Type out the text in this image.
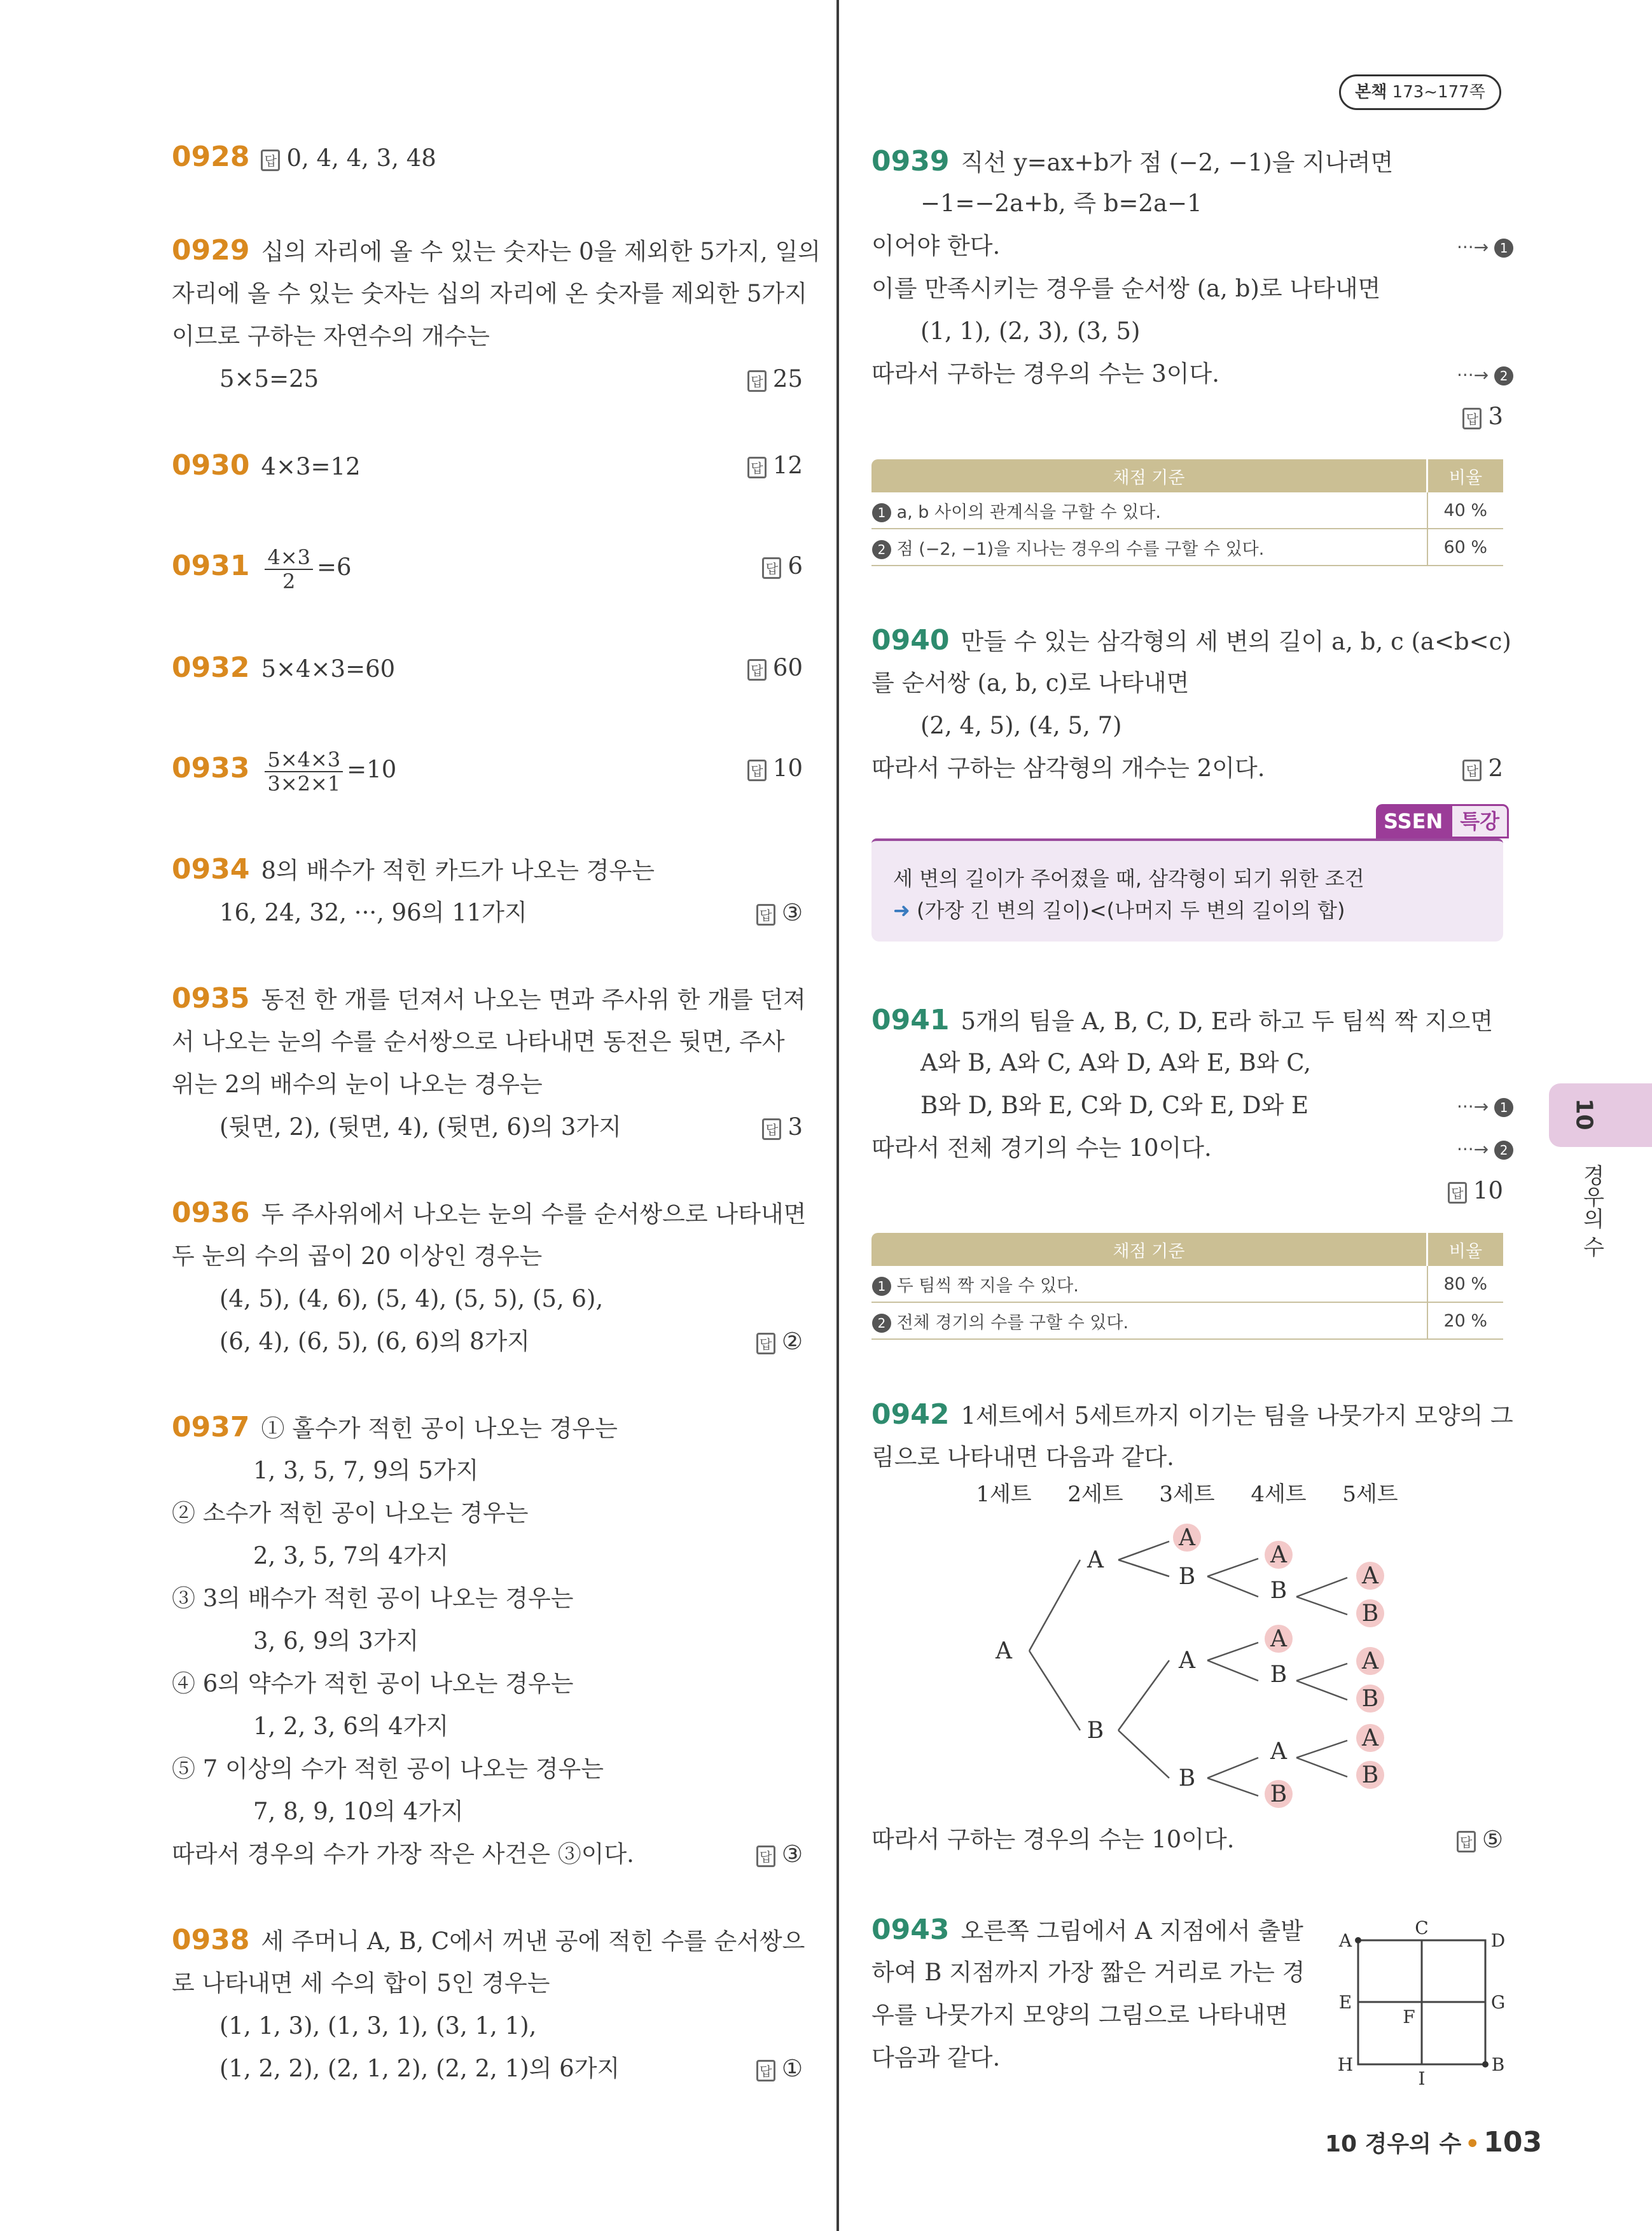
본책 173~177쪽
0928 답 0, 4, 4, 3, 48
0929 십의 자리에 올 수 있는 숫자는 0을 제외한 5가지, 일의
자리에 올 수 있는 숫자는 십의 자리에 온 숫자를 제외한 5가지
이므로 구하는 자연수의 개수는
5×5=25	답 25
0930 4×3=12	답 12
$0931 \frac{4\times 3}{2} =6$	답 6
0932 5×4×3=60	답 60
$0933 \frac{5\times 4\times 3}{3\times 2\times 1} =10$	답 10
0934 8의 배수가 적힌 카드가 나오는 경우는
16, 24, 32, ···, 96의 11가지	답 ③
0935 동전 한 개를 던져서 나오는 면과 주사위 한 개를 던져
서 나오는 눈의 수를 순서쌍으로 나타내면 동전은 뒷면, 주사
위는 2의 배수의 눈이 나오는 경우는
(뒷면, 2), (뒷면, 4), (뒷면, 6)의 3가지	답 3
0936 두 주사위에서 나오는 눈의 수를 순서쌍으로 나타내면
두 눈의 수의 곱이 20 이상인 경우는
(4, 5), (4, 6), (5, 4), (5, 5), (5, 6),
(6, 4), (6, 5), (6, 6)의 8가지	답 ②
0937 ① 홀수가 적힌 공이 나오는 경우는
1, 3, 5, 7, 9의 5가지
② 소수가 적힌 공이 나오는 경우는
2, 3, 5, 7의 4가지
③ 3의 배수가 적힌 공이 나오는 경우는
3, 6, 9의 3가지
④ 6의 약수가 적힌 공이 나오는 경우는
1, 2, 3, 6의 4가지
⑤ 7 이상의 수가 적힌 공이 나오는 경우는
7, 8, 9, 10의 4가지
따라서 경우의 수가 가장 작은 사건은 ③이다.	답 ③
0938 세 주머니 A, B, C에서 꺼낸 공에 적힌 수를 순서쌍으
로 나타내면 세 수의 합이 5인 경우는
(1, 1, 3), (1, 3, 1), (3, 1, 1),
(1, 2, 2), (2, 1, 2), (2, 2, 1)의 6가지	답 ①
0939 직선 y=ax+b가 점 (−2, −1)을 지나려면
−1=−2a+b, 즉 b=2a−1
이어야 한다.	···→ 1
이를 만족시키는 경우를 순서쌍 (a, b)로 나타내면
(1, 1), (2, 3), (3, 5)
따라서 구하는 경우의 수는 3이다.	···→ 2
답 3
채점 기준	비율
1 a, b 사이의 관계식을 구할 수 있다.	40 %
2 점 (−2, −1)을 지나는 경우의 수를 구할 수 있다.	60 %
0940 만들 수 있는 삼각형의 세 변의 길이 a, b, c (a<b<c)
를 순서쌍 (a, b, c)로 나타내면
(2, 4, 5), (4, 5, 7)
따라서 구하는 삼각형의 개수는 2이다.	답 2
SSEN 특강
세 변의 길이가 주어졌을 때, 삼각형이 되기 위한 조건
➜ (가장 긴 변의 길이)<(나머지 두 변의 길이의 합)
0941 5개의 팀을 A, B, C, D, E라 하고 두 팀씩 짝 지으면
A와 B, A와 C, A와 D, A와 E, B와 C,
B와 D, B와 E, C와 D, C와 E, D와 E	···→ 1
따라서 전체 경기의 수는 10이다.	···→ 2
답 10
채점 기준	비율
1 두 팀씩 짝 지을 수 있다.	80 %
2 전체 경기의 수를 구할 수 있다.	20 %
0942 1세트에서 5세트까지 이기는 팀을 나뭇가지 모양의 그
림으로 나타내면 다음과 같다.
1세트 2세트 3세트 4세트 5세트
A
A
B
A
B
A
B
A
B
A
B
A
B
A
B
A
B
A
B
따라서 구하는 경우의 수는 10이다.	답 ⑤
0943 오른쪽 그림에서 A 지점에서 출발
하여 B 지점까지 가장 짧은 거리로 가는 경
우를 나뭇가지 모양의 그림으로 나타내면
다음과 같다.
A
C
D
E
F
G
H
I
B
10
경우의 수
10 경우의 수 • 103
